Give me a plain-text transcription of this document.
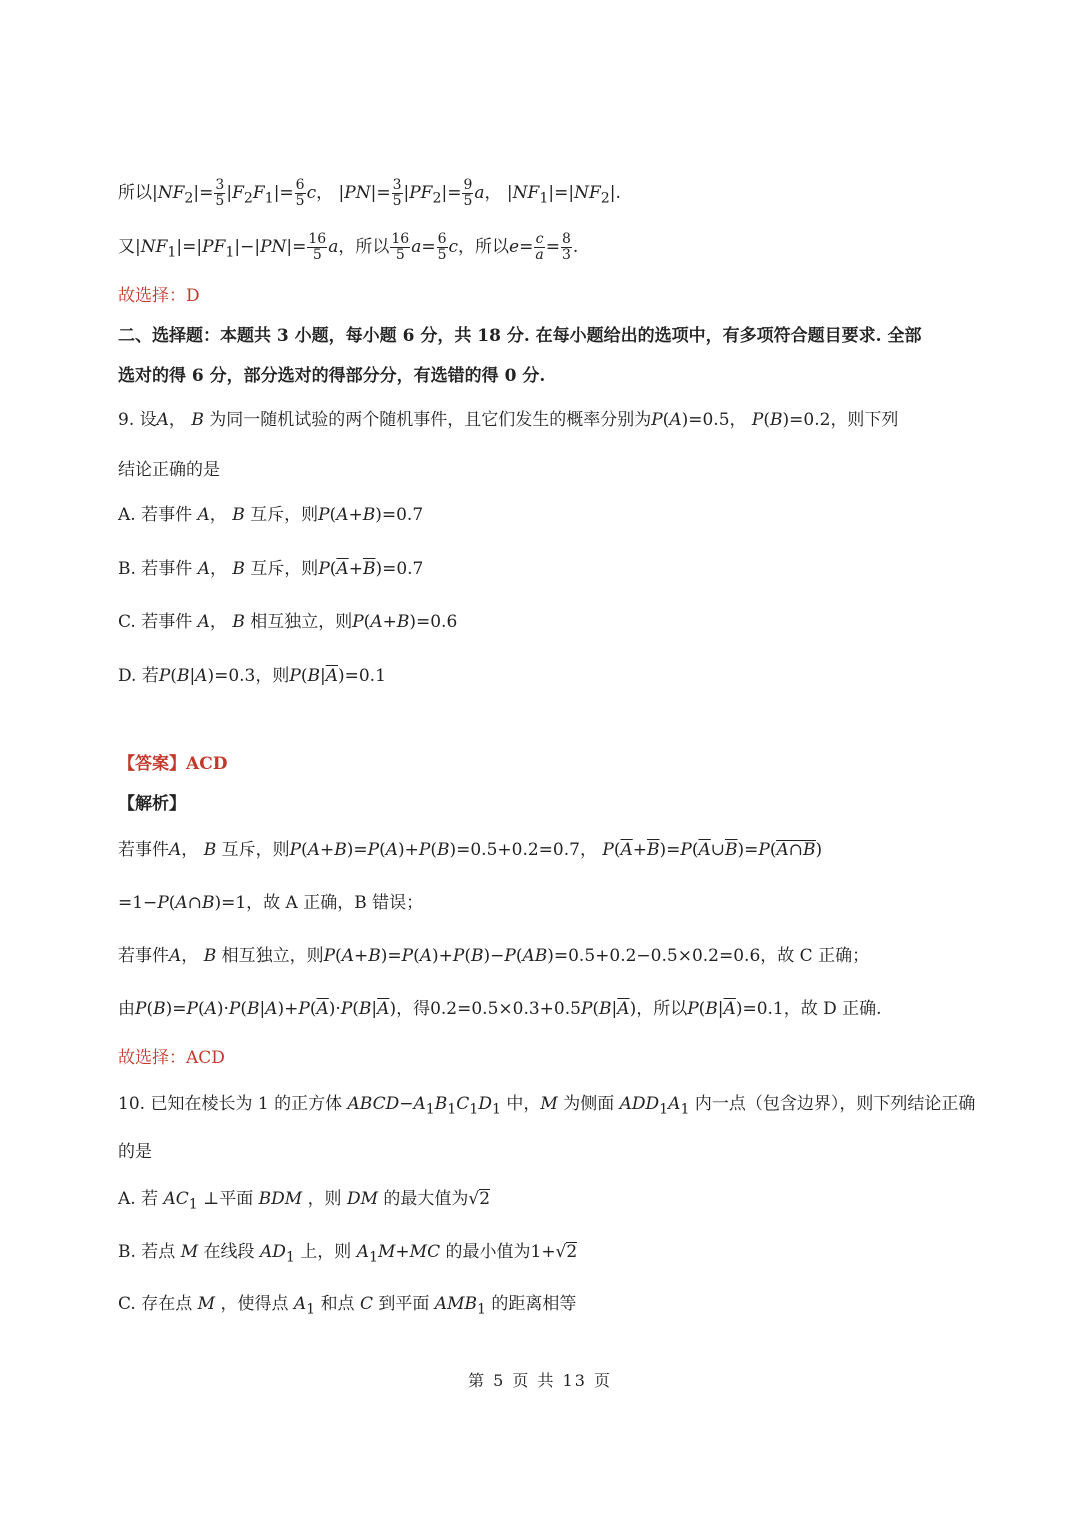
所以$|NF_2|= \frac{3}{5} |F_2F_1|= \frac{6}{5}$ c， $|PN|= \frac{3}{5} |PF_2|= \frac{9}{5}$ a， $|NF_1|=|NF_2|$.
又$|NF_1|=|PF_1|-|PN|= \frac{16}{5}$ a，所以 $\frac{16}{5} a= \frac{6}{5}$ c，所以$e= \frac{c}{a} = \frac{8}{3}$ .
故选择：D
二、选择题：本题共 3 小题，每小题 6 分，共 18 分. 在每小题给出的选项中，有多项符合题目要求. 全部
选对的得 6 分，部分选对的得部分分，有选错的得 0 分.
9. 设A， B 为同一随机试验的两个随机事件，且它们发生的概率分别为P(A)=0.5， P(B)=0.2，则下列
结论正确的是
A. 若事件 A， B 互斥，则P(A+B)=0.7
B. 若事件 A， B 互斥，则$P(\overline{A}+\overline{B})=0.7$
C. 若事件 A， B 相互独立，则P(A+B)=0.6
D. 若P(B|A)=0.3，则$P(B|\overline{A})=0.1$
【答案】ACD
【解析】
若事件A， B 互斥，则P(A+B)=P(A)+P(B)=0.5+0.2=0.7， $P(\overline{A}+\overline{B})=P(\overline{A}\cup\overline{B})=P(A\cap B)$
=1−P(A∩B)=1，故 A 正确，B 错误；
若事件A， B 相互独立，则P(A+B)=P(A)+P(B)−P(AB)=0.5+0.2−0.5×0.2=0.6，故 C 正确；
由$P(B)=P(A)\cdot P(B|A)+P(\overline{A})\cdot P(B|\overline{A})$，得$0.2=0.5\times 0.3+0.5P(B|\overline{A})$，所以$P(B|\overline{A})=0.1$，故 D 正确.
故选择：ACD
10. 已知在棱长为 1 的正方体 $ABCD-A_1B_1C_1D_1$ 中，M 为侧面 $ADD_1A_1$ 内一点（包含边界），则下列结论正确
的是
A. 若 $AC_1$ ⊥平面 BDM ，则 DM 的最大值为√2
B. 若点 M 在线段 $AD_1$ 上，则 $A_1M+MC$ 的最小值为1+√2
C. 存在点 M ，使得点 $A_1$ 和点 C 到平面 $AMB_1$ 的距离相等
第 5 页 共 13 页
